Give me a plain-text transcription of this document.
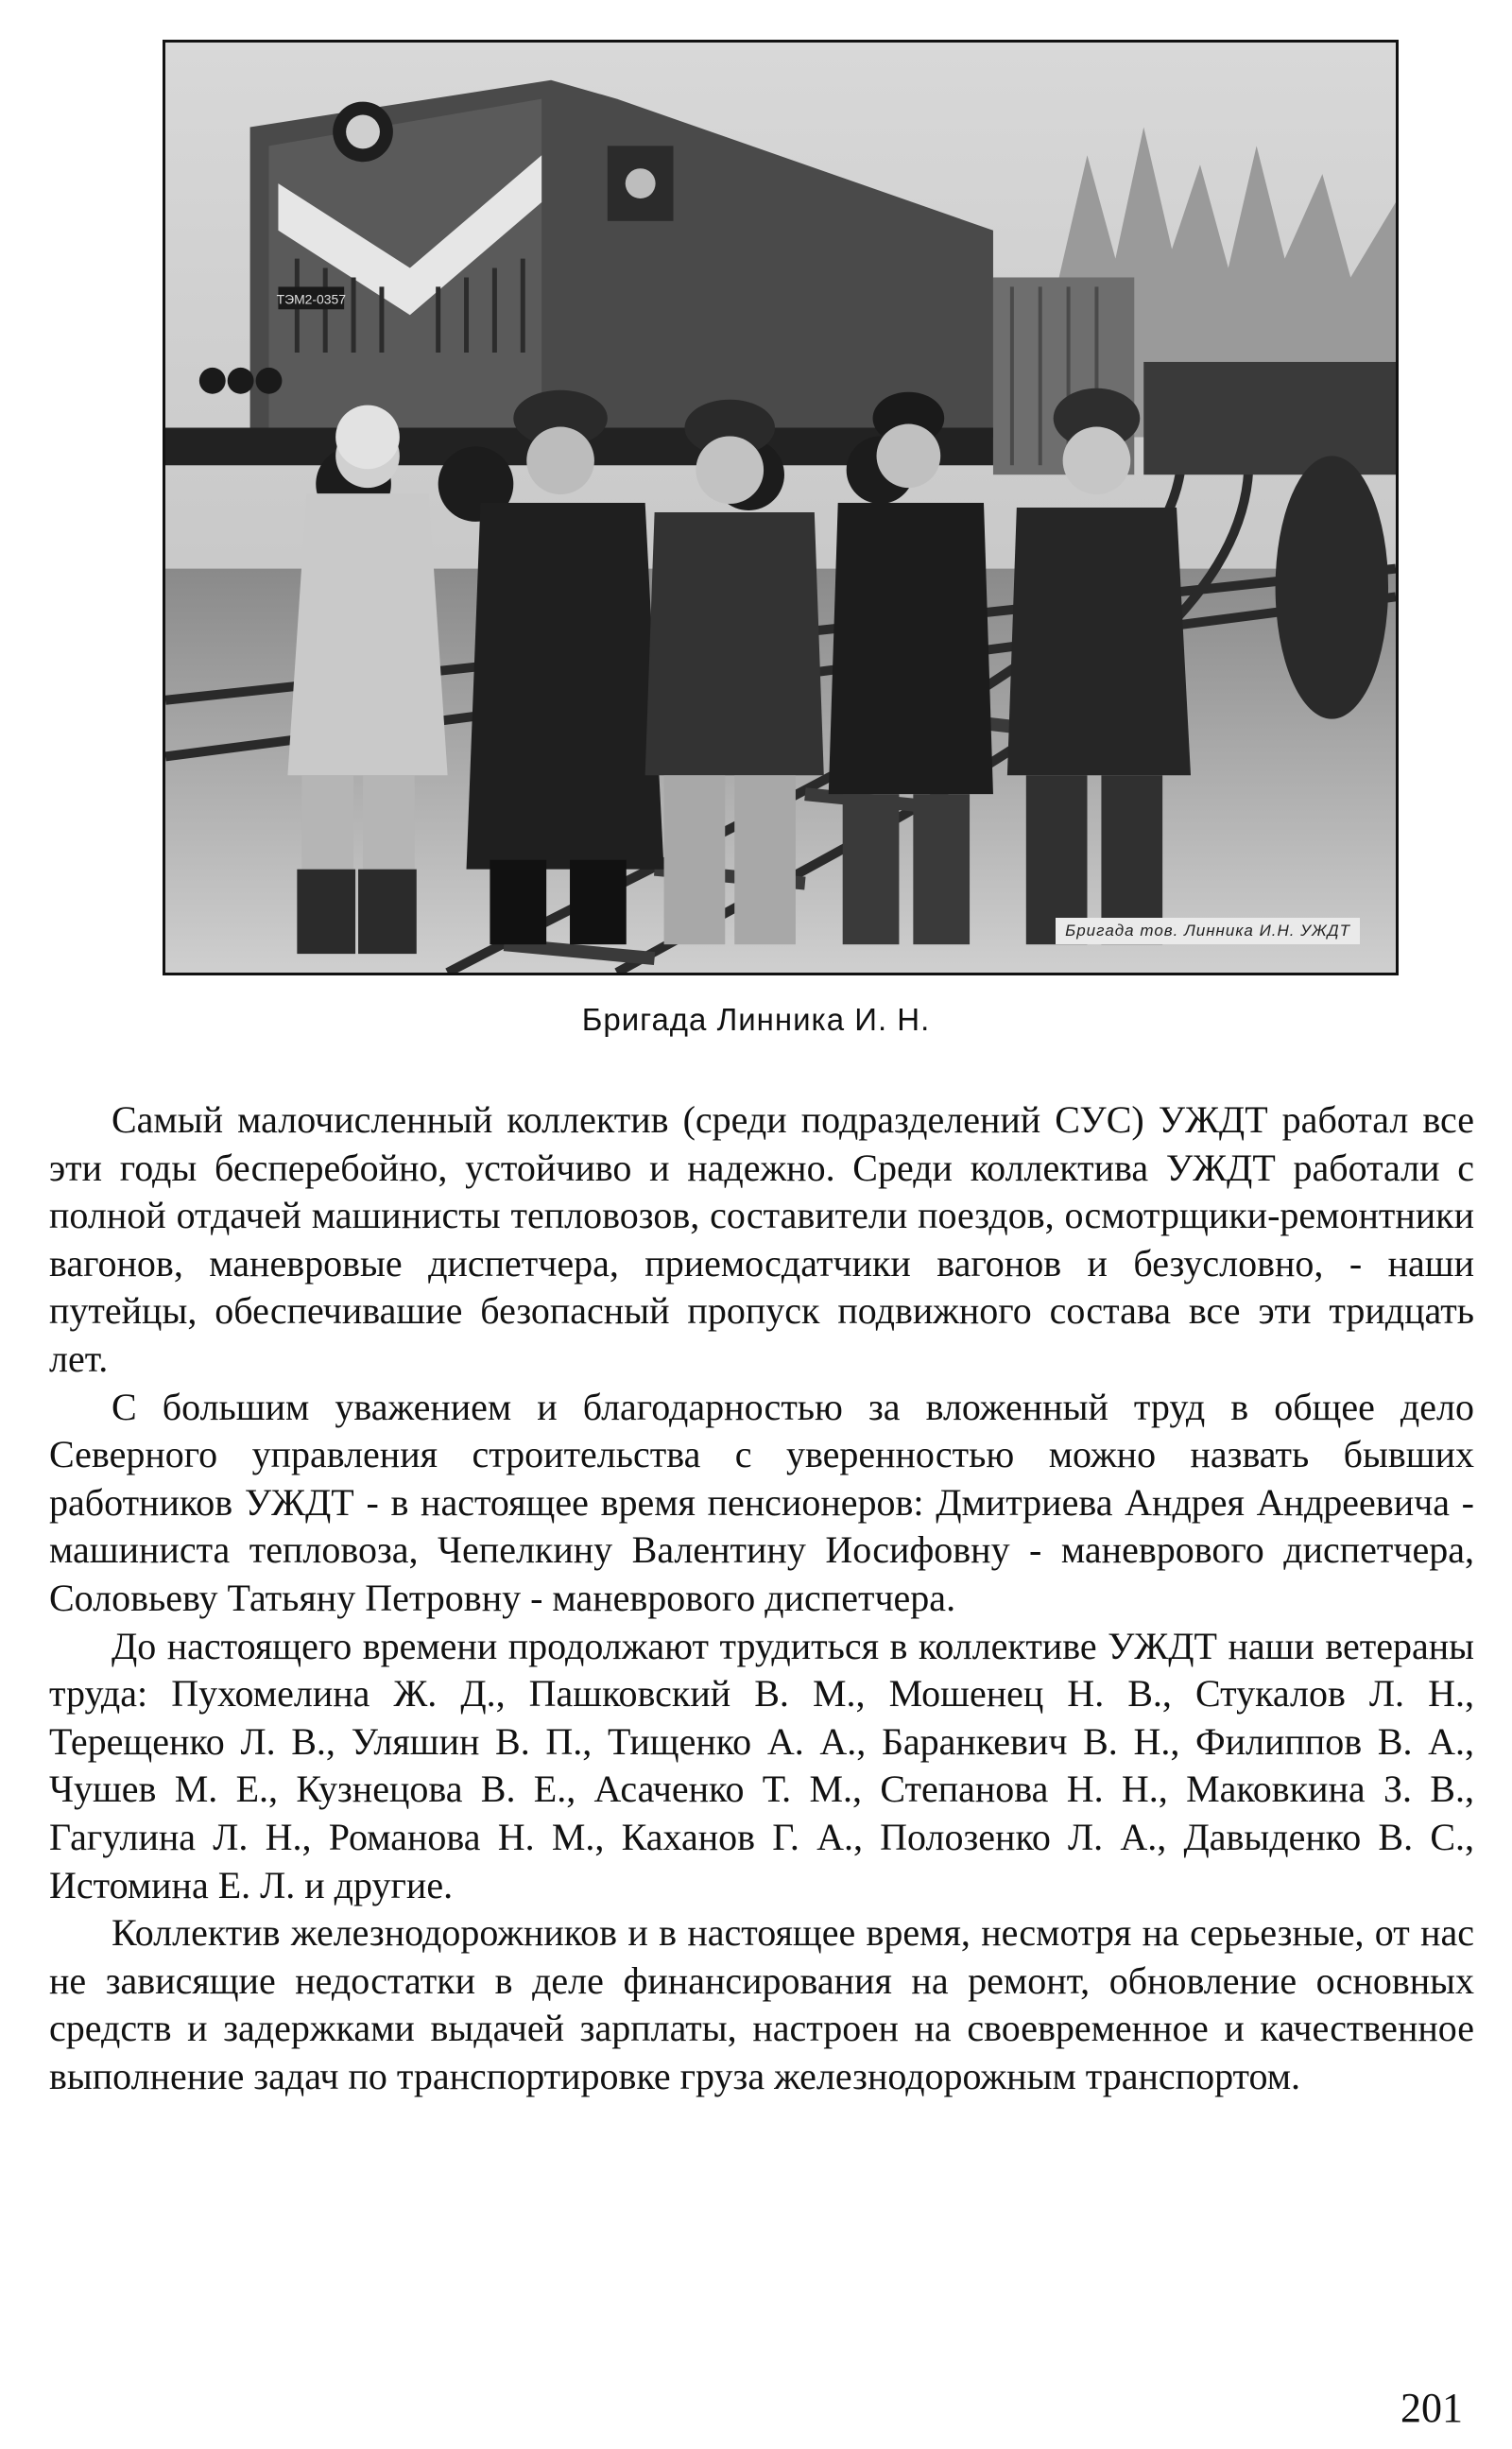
ТЭМ2-0357
Бригада тов. Линника И.Н. УЖДТ
Бригада Линника И. Н.

Самый малочисленный коллектив (среди подразделений СУС) УЖДТ работал все эти годы бесперебойно, устойчиво и надежно. Среди коллектива УЖДТ работали с полной отдачей машинисты тепловозов, составители поездов, осмотрщики-ремонтники вагонов, маневровые диспетчера, приемосдатчики вагонов и безусловно, - наши путейцы, обеспечивашие безопасный пропуск подвижного состава все эти тридцать лет.

С большим уважением и благодарностью за вложенный труд в общее дело Северного управления строительства с уверенностью можно назвать бывших работников УЖДТ - в настоящее время пенсионеров: Дмитриева Андрея Андреевича - машиниста тепловоза, Чепелкину Валентину Иосифовну - маневрового диспетчера, Соловьеву Татьяну Петровну - маневрового диспетчера.

До настоящего времени продолжают трудиться в коллективе УЖДТ наши ветераны труда: Пухомелина Ж. Д., Пашковский В. М., Мошенец Н. В., Стукалов Л. Н., Терещенко Л. В., Уляшин В. П., Тищенко А. А., Баранкевич В. Н., Филиппов В. А., Чушев М. Е., Кузнецова В. Е., Асаченко Т. М., Степанова Н. Н., Маковкина З. В., Гагулина Л. Н., Романова Н. М., Каханов Г. А., Полозенко Л. А., Давыденко В. С., Истомина Е. Л. и другие.

Коллектив железнодорожников и в настоящее время, несмотря на серьезные, от нас не зависящие недостатки в деле финансирования на ремонт, обновление основных средств и задержками выдачей зарплаты, настроен на своевременное и качественное выполнение задач по транспортировке груза железнодорожным транспортом.

201
